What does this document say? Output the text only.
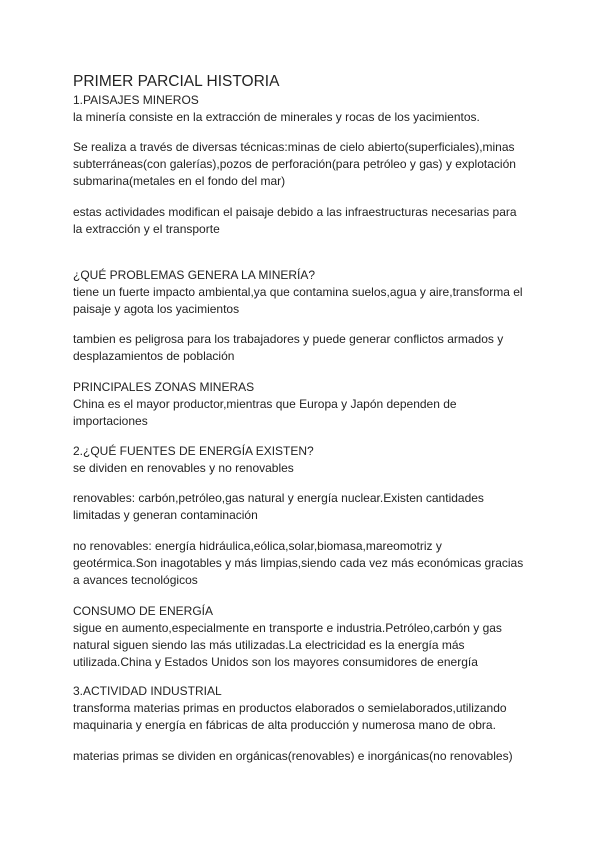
PRIMER PARCIAL HISTORIA
1.PAISAJES MINEROS
la minería consiste en la extracción de minerales y rocas de los yacimientos.
Se realiza a través de diversas técnicas:minas de cielo abierto(superficiales),minas
subterráneas(con galerías),pozos de perforación(para petróleo y gas) y explotación
submarina(metales en el fondo del mar)
estas actividades modifican el paisaje debido a las infraestructuras necesarias para
la extracción y el transporte
¿QUÉ PROBLEMAS GENERA LA MINERÍA?
tiene un fuerte impacto ambiental,ya que contamina suelos,agua y aire,transforma el
paisaje y agota los yacimientos
tambien es peligrosa para los trabajadores y puede generar conflictos armados y
desplazamientos de población
PRINCIPALES ZONAS MINERAS
China es el mayor productor,mientras que Europa y Japón dependen de
importaciones
2.¿QUÉ FUENTES DE ENERGÍA EXISTEN?
se dividen en renovables y no renovables
renovables: carbón,petróleo,gas natural y energía nuclear.Existen cantidades
limitadas y generan contaminación
no renovables: energía hidráulica,eólica,solar,biomasa,mareomotriz y
geotérmica.Son inagotables y más limpias,siendo cada vez más económicas gracias
a avances tecnológicos
CONSUMO DE ENERGÍA
sigue en aumento,especialmente en transporte e industria.Petróleo,carbón y gas
natural siguen siendo las más utilizadas.La electricidad es la energía más
utilizada.China y Estados Unidos son los mayores consumidores de energía
3.ACTIVIDAD INDUSTRIAL
transforma materias primas en productos elaborados o semielaborados,utilizando
maquinaria y energía en fábricas de alta producción y numerosa mano de obra.
materias primas se dividen en orgánicas(renovables) e inorgánicas(no renovables)
